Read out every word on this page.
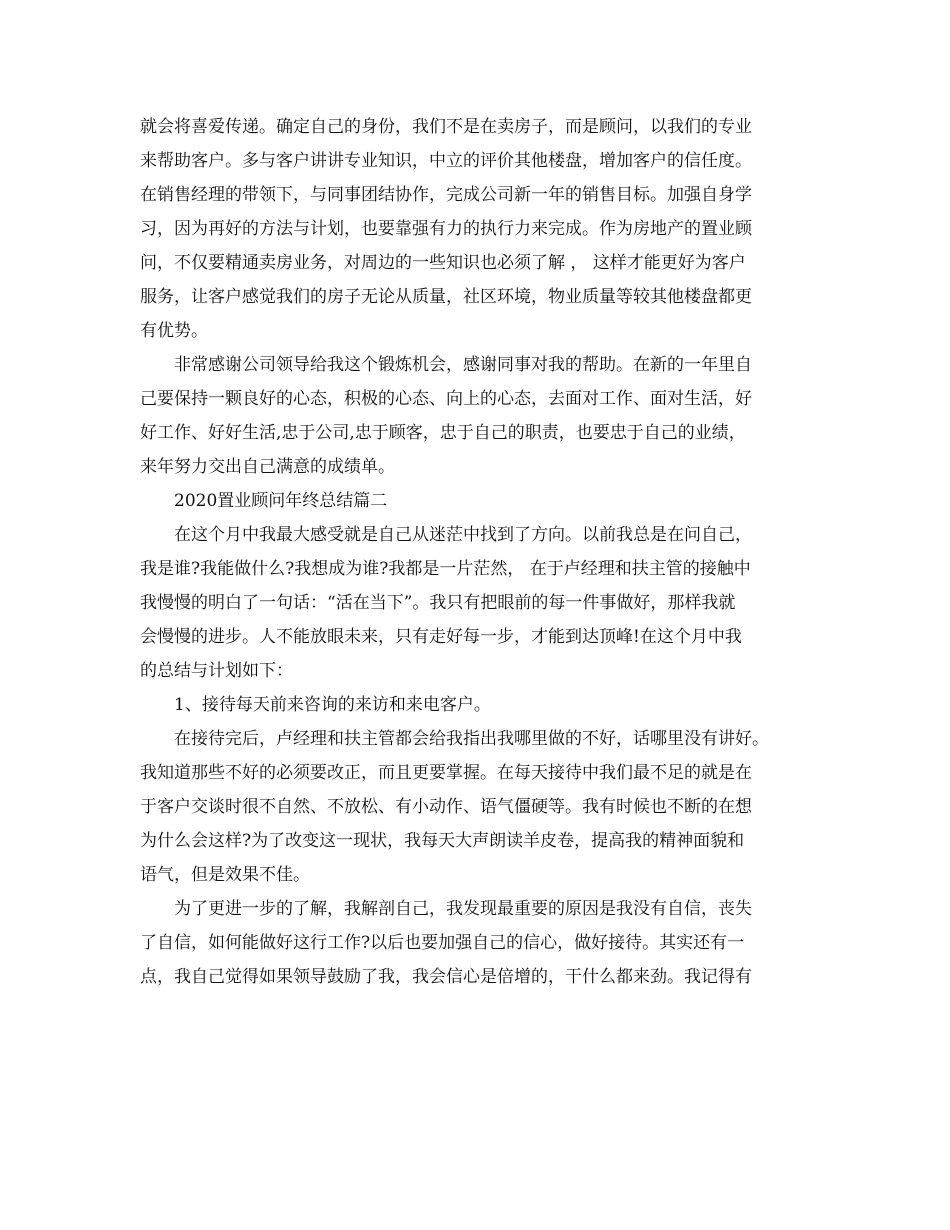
就会将喜爱传递。确定自己的身份，我们不是在卖房子，而是顾问，以我们的专业
来帮助客户。多与客户讲讲专业知识，中立的评价其他楼盘，增加客户的信任度。
在销售经理的带领下，与同事团结协作，完成公司新一年的销售目标。加强自身学
习，因为再好的方法与计划，也要靠强有力的执行力来完成。作为房地产的置业顾
问，不仅要精通卖房业务，对周边的一些知识也必须了解 ， 这样才能更好为客户
服务，让客户感觉我们的房子无论从质量，社区环境，物业质量等较其他楼盘都更
有优势。
非常感谢公司领导给我这个锻炼机会，感谢同事对我的帮助。在新的一年里自
己要保持一颗良好的心态，积极的心态、向上的心态，去面对工作、面对生活，好
好工作、好好生活,忠于公司,忠于顾客，忠于自己的职责，也要忠于自己的业绩，
来年努力交出自己满意的成绩单。
2020置业顾问年终总结篇二
在这个月中我最大感受就是自己从迷茫中找到了方向。以前我总是在问自己，
我是谁?我能做什么?我想成为谁?我都是一片茫然， 在于卢经理和扶主管的接触中
我慢慢的明白了一句话：“活在当下”。我只有把眼前的每一件事做好，那样我就
会慢慢的进步。人不能放眼未来，只有走好每一步，才能到达顶峰!在这个月中我
的总结与计划如下：
1、接待每天前来咨询的来访和来电客户。
在接待完后，卢经理和扶主管都会给我指出我哪里做的不好，话哪里没有讲好。
我知道那些不好的必须要改正，而且更要掌握。在每天接待中我们最不足的就是在
于客户交谈时很不自然、不放松、有小动作、语气僵硬等。我有时候也不断的在想
为什么会这样?为了改变这一现状，我每天大声朗读羊皮卷，提高我的精神面貌和
语气，但是效果不佳。
为了更进一步的了解，我解剖自己，我发现最重要的原因是我没有自信，丧失
了自信，如何能做好这行工作?以后也要加强自己的信心，做好接待。其实还有一
点，我自己觉得如果领导鼓励了我，我会信心是倍增的，干什么都来劲。我记得有
